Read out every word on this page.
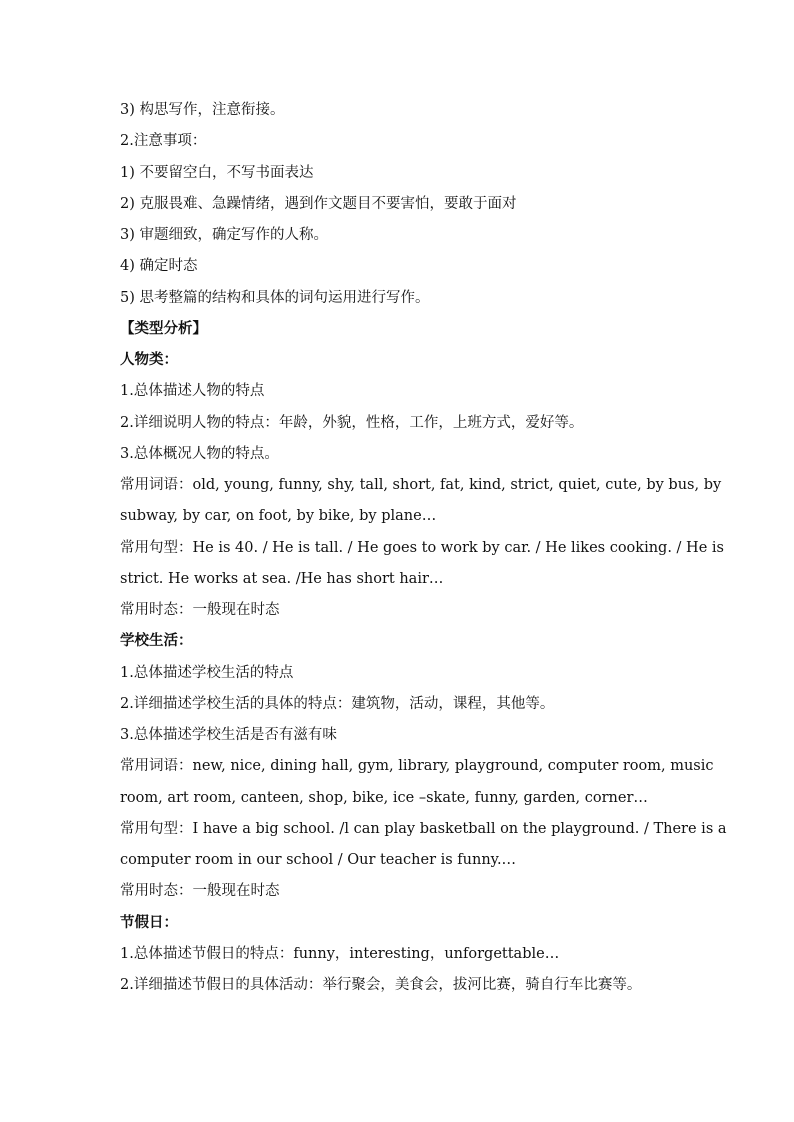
3) 构思写作，注意衔接。
2.注意事项：
1) 不要留空白，不写书面表达
2) 克服畏难、急躁情绪，遇到作文题目不要害怕，要敢于面对
3) 审题细致，确定写作的人称。
4) 确定时态
5) 思考整篇的结构和具体的词句运用进行写作。
【类型分析】
人物类：
1.总体描述人物的特点
2.详细说明人物的特点：年龄，外貌，性格，工作，上班方式，爱好等。
3.总体概况人物的特点。
常用词语：old, young, funny, shy, tall, short, fat, kind, strict, quiet, cute, by bus, by
subway, by car, on foot, by bike, by plane…
常用句型：He is 40. / He is tall. / He goes to work by car. / He likes cooking. / He is
strict. He works at sea. /He has short hair…
常用时态：一般现在时态
学校生活：
1.总体描述学校生活的特点
2.详细描述学校生活的具体的特点：建筑物，活动，课程，其他等。
3.总体描述学校生活是否有滋有味
常用词语：new, nice, dining hall, gym, library, playground, computer room, music
room, art room, canteen, shop, bike, ice –skate, funny, garden, corner…
常用句型：I have a big school. /l can play basketball on the playground. / There is a
computer room in our school / Our teacher is funny.…
常用时态：一般现在时态
节假日：
1.总体描述节假日的特点：funny，interesting，unforgettable…
2.详细描述节假日的具体活动：举行聚会，美食会，拔河比赛，骑自行车比赛等。
